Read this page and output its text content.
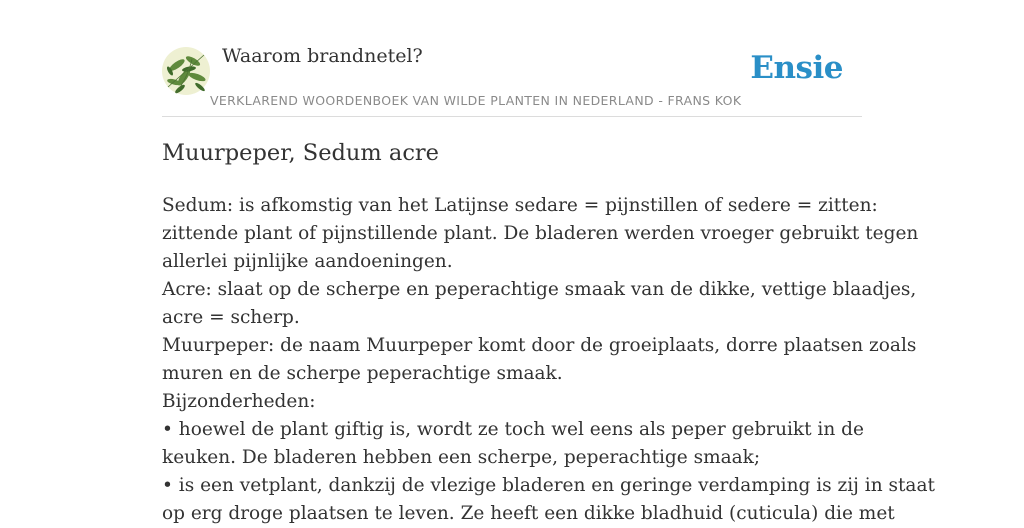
Waarom brandnetel?	Ensie
VERKLAREND WOORDENBOEK VAN WILDE PLANTEN IN NEDERLAND - FRANS KOK
Muurpeper, Sedum acre
Sedum: is afkomstig van het Latijnse sedare = pijnstillen of sedere = zitten:
zittende plant of pijnstillende plant. De bladeren werden vroeger gebruikt tegen
allerlei pijnlijke aandoeningen.
Acre: slaat op de scherpe en peperachtige smaak van de dikke, vettige blaadjes,
acre = scherp.
Muurpeper: de naam Muurpeper komt door de groeiplaats, dorre plaatsen zoals
muren en de scherpe peperachtige smaak.
Bijzonderheden:
• hoewel de plant giftig is, wordt ze toch wel eens als peper gebruikt in de
keuken. De bladeren hebben een scherpe, peperachtige smaak;
• is een vetplant, dankzij de vlezige bladeren en geringe verdamping is zij in staat
op erg droge plaatsen te leven. Ze heeft een dikke bladhuid (cuticula) die met
